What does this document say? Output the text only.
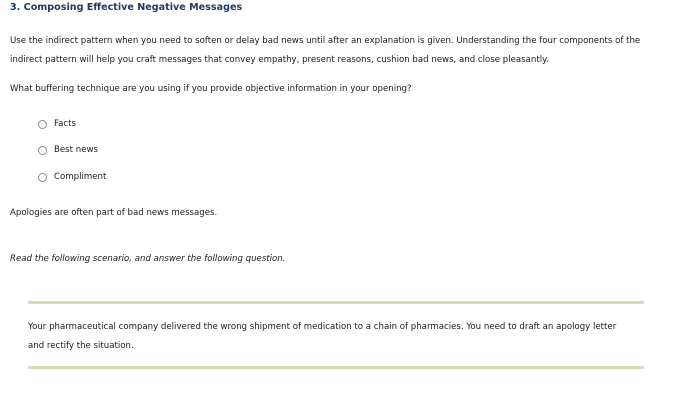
3. Composing Effective Negative Messages
Use the indirect pattern when you need to soften or delay bad news until after an explanation is given. Understanding the four components of the
indirect pattern will help you craft messages that convey empathy, present reasons, cushion bad news, and close pleasantly.
What buffering technique are you using if you provide objective information in your opening?
Facts
Best news
Compliment
Apologies are often part of bad news messages.
Read the following scenario, and answer the following question.
Your pharmaceutical company delivered the wrong shipment of medication to a chain of pharmacies. You need to draft an apology letter
and rectify the situation.
